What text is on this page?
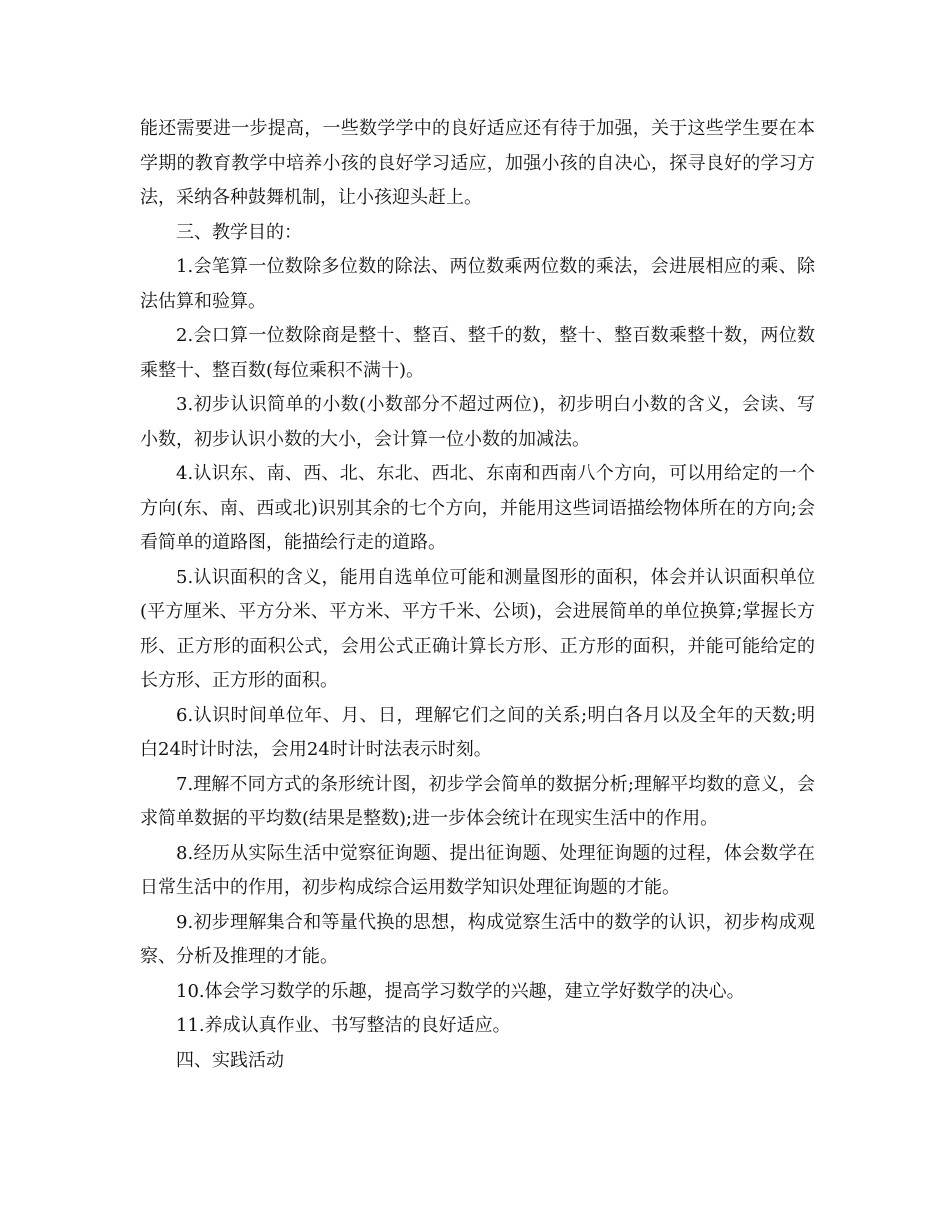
能还需要进一步提高，一些数学学中的良好适应还有待于加强，关于这些学生要在本学期的教育教学中培养小孩的良好学习适应，加强小孩的自决心，探寻良好的学习方法，采纳各种鼓舞机制，让小孩迎头赶上。

三、教学目的：

1.会笔算一位数除多位数的除法、两位数乘两位数的乘法，会进展相应的乘、除法估算和验算。

2.会口算一位数除商是整十、整百、整千的数，整十、整百数乘整十数，两位数乘整十、整百数(每位乘积不满十)。

3.初步认识简单的小数(小数部分不超过两位)，初步明白小数的含义，会读、写小数，初步认识小数的大小，会计算一位小数的加减法。

4.认识东、南、西、北、东北、西北、东南和西南八个方向，可以用给定的一个方向(东、南、西或北)识别其余的七个方向，并能用这些词语描绘物体所在的方向;会看简单的道路图，能描绘行走的道路。

5.认识面积的含义，能用自选单位可能和测量图形的面积，体会并认识面积单位(平方厘米、平方分米、平方米、平方千米、公顷)，会进展简单的单位换算;掌握长方形、正方形的面积公式，会用公式正确计算长方形、正方形的面积，并能可能给定的长方形、正方形的面积。

6.认识时间单位年、月、日，理解它们之间的关系;明白各月以及全年的天数;明白24时计时法，会用24时计时法表示时刻。

7.理解不同方式的条形统计图，初步学会简单的数据分析;理解平均数的意义，会求简单数据的平均数(结果是整数);进一步体会统计在现实生活中的作用。

8.经历从实际生活中觉察征询题、提出征询题、处理征询题的过程，体会数学在日常生活中的作用，初步构成综合运用数学知识处理征询题的才能。

9.初步理解集合和等量代换的思想，构成觉察生活中的数学的认识，初步构成观察、分析及推理的才能。

10.体会学习数学的乐趣，提高学习数学的兴趣，建立学好数学的决心。

11.养成认真作业、书写整洁的良好适应。

四、实践活动
